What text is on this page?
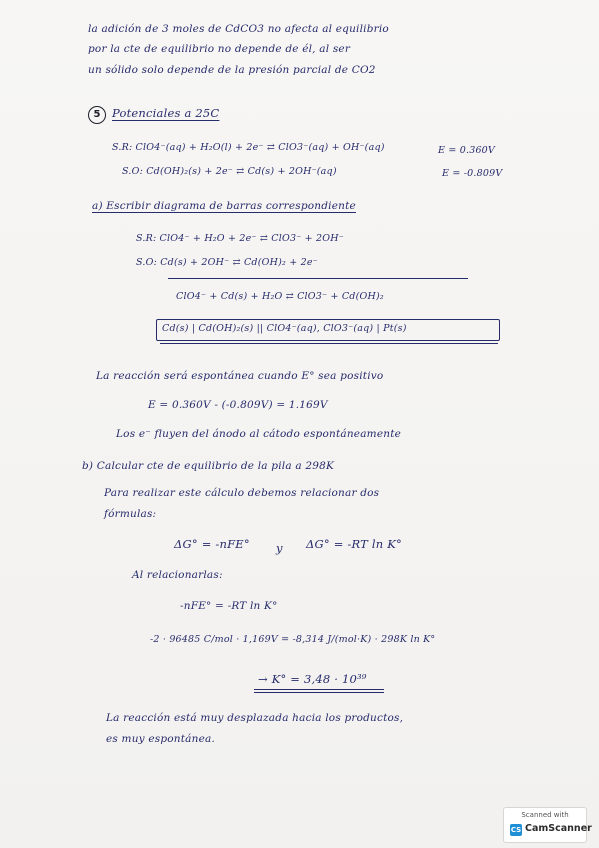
la adición de 3 moles de CdCO3 no afecta al equilibrio
por la cte de equilibrio no depende de él, al ser
un sólido solo depende de la presión parcial de CO2
5	Potenciales a 25C
S.R: ClO4⁻(aq) + H₂O(l) + 2e⁻ ⇄ ClO3⁻(aq) + OH⁻(aq)	E = 0.360V
S.O: Cd(OH)₂(s) + 2e⁻ ⇄ Cd(s) + 2OH⁻(aq)	E = -0.809V
a) Escribir diagrama de barras correspondiente
S.R: ClO4⁻ + H₂O + 2e⁻ ⇄ ClO3⁻ + 2OH⁻
S.O: Cd(s) + 2OH⁻ ⇄ Cd(OH)₂ + 2e⁻
ClO4⁻ + Cd(s) + H₂O ⇄ ClO3⁻ + Cd(OH)₂
Cd(s) | Cd(OH)₂(s) || ClO4⁻(aq), ClO3⁻(aq) | Pt(s)
La reacción será espontánea cuando E° sea positivo
E = 0.360V - (-0.809V) = 1.169V
Los e⁻ fluyen del ánodo al cátodo espontáneamente
b) Calcular cte de equilibrio de la pila a 298K
Para realizar este cálculo debemos relacionar dos
fórmulas:
ΔG° = -nFE° y ΔG° = -RT ln K°
Al relacionarlas:
-nFE° = -RT ln K°
-2 · 96485 C/mol · 1,169V = -8,314 J/(mol·K) · 298K ln K°
→ K° = 3,48 · 10³⁹
La reacción está muy desplazada hacia los productos,
es muy espontánea.
Scanned with
CS CamScanner
